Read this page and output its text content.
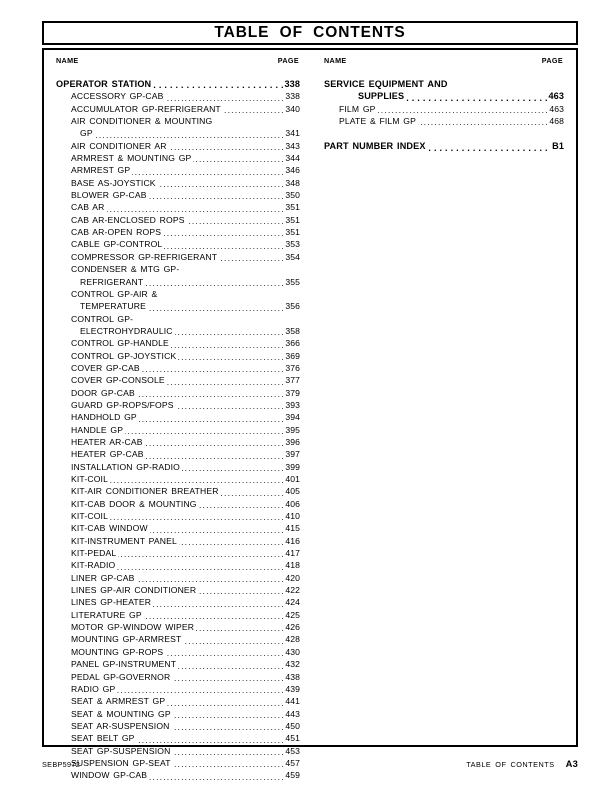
TABLE OF CONTENTS
NAME	PAGE
OPERATOR STATION . . .	338
ACCESSORY GP-CAB . . .	338
ACCUMULATOR GP-REFRIGERANT . . .	340
AIR CONDITIONER & MOUNTING
GP . . .	341
AIR CONDITIONER AR . . .	343
ARMREST & MOUNTING GP . . .	344
ARMREST GP . . .	346
BASE AS-JOYSTICK . . .	348
BLOWER GP-CAB . . .	350
CAB AR . . .	351
CAB AR-ENCLOSED ROPS . . .	351
CAB AR-OPEN ROPS . . .	351
CABLE GP-CONTROL . . .	353
COMPRESSOR GP-REFRIGERANT . . .	354
CONDENSER & MTG GP-
REFRIGERANT . . .	355
CONTROL GP-AIR &
TEMPERATURE . . .	356
CONTROL GP-
ELECTROHYDRAULIC . . .	358
CONTROL GP-HANDLE . . .	366
CONTROL GP-JOYSTICK . . .	369
COVER GP-CAB . . .	376
COVER GP-CONSOLE . . .	377
DOOR GP-CAB . . .	379
GUARD GP-ROPS/FOPS . . .	393
HANDHOLD GP . . .	394
HANDLE GP . . .	395
HEATER AR-CAB . . .	396
HEATER GP-CAB . . .	397
INSTALLATION GP-RADIO . . .	399
KIT-COIL . . .	401
KIT-AIR CONDITIONER BREATHER . . .	405
KIT-CAB DOOR & MOUNTING . . .	406
KIT-COIL . . .	410
KIT-CAB WINDOW . . .	415
KIT-INSTRUMENT PANEL . . .	416
KIT-PEDAL . . .	417
KIT-RADIO . . .	418
LINER GP-CAB . . .	420
LINES GP-AIR CONDITIONER . . .	422
LINES GP-HEATER . . .	424
LITERATURE GP . . .	425
MOTOR GP-WINDOW WIPER . . .	426
MOUNTING GP-ARMREST . . .	428
MOUNTING GP-ROPS . . .	430
PANEL GP-INSTRUMENT . . .	432
PEDAL GP-GOVERNOR . . .	438
RADIO GP . . .	439
SEAT & ARMREST GP . . .	441
SEAT & MOUNTING GP . . .	443
SEAT AR-SUSPENSION . . .	450
SEAT BELT GP . . .	451
SEAT GP-SUSPENSION . . .	453
SUSPENSION GP-SEAT . . .	457
WINDOW GP-CAB . . .	459
NAME	PAGE
SERVICE EQUIPMENT AND
SUPPLIES . . .	463
FILM GP . . .	463
PLATE & FILM GP . . .	468
PART NUMBER INDEX . . .	B1
SEBP5972	TABLE OF CONTENTS A3
